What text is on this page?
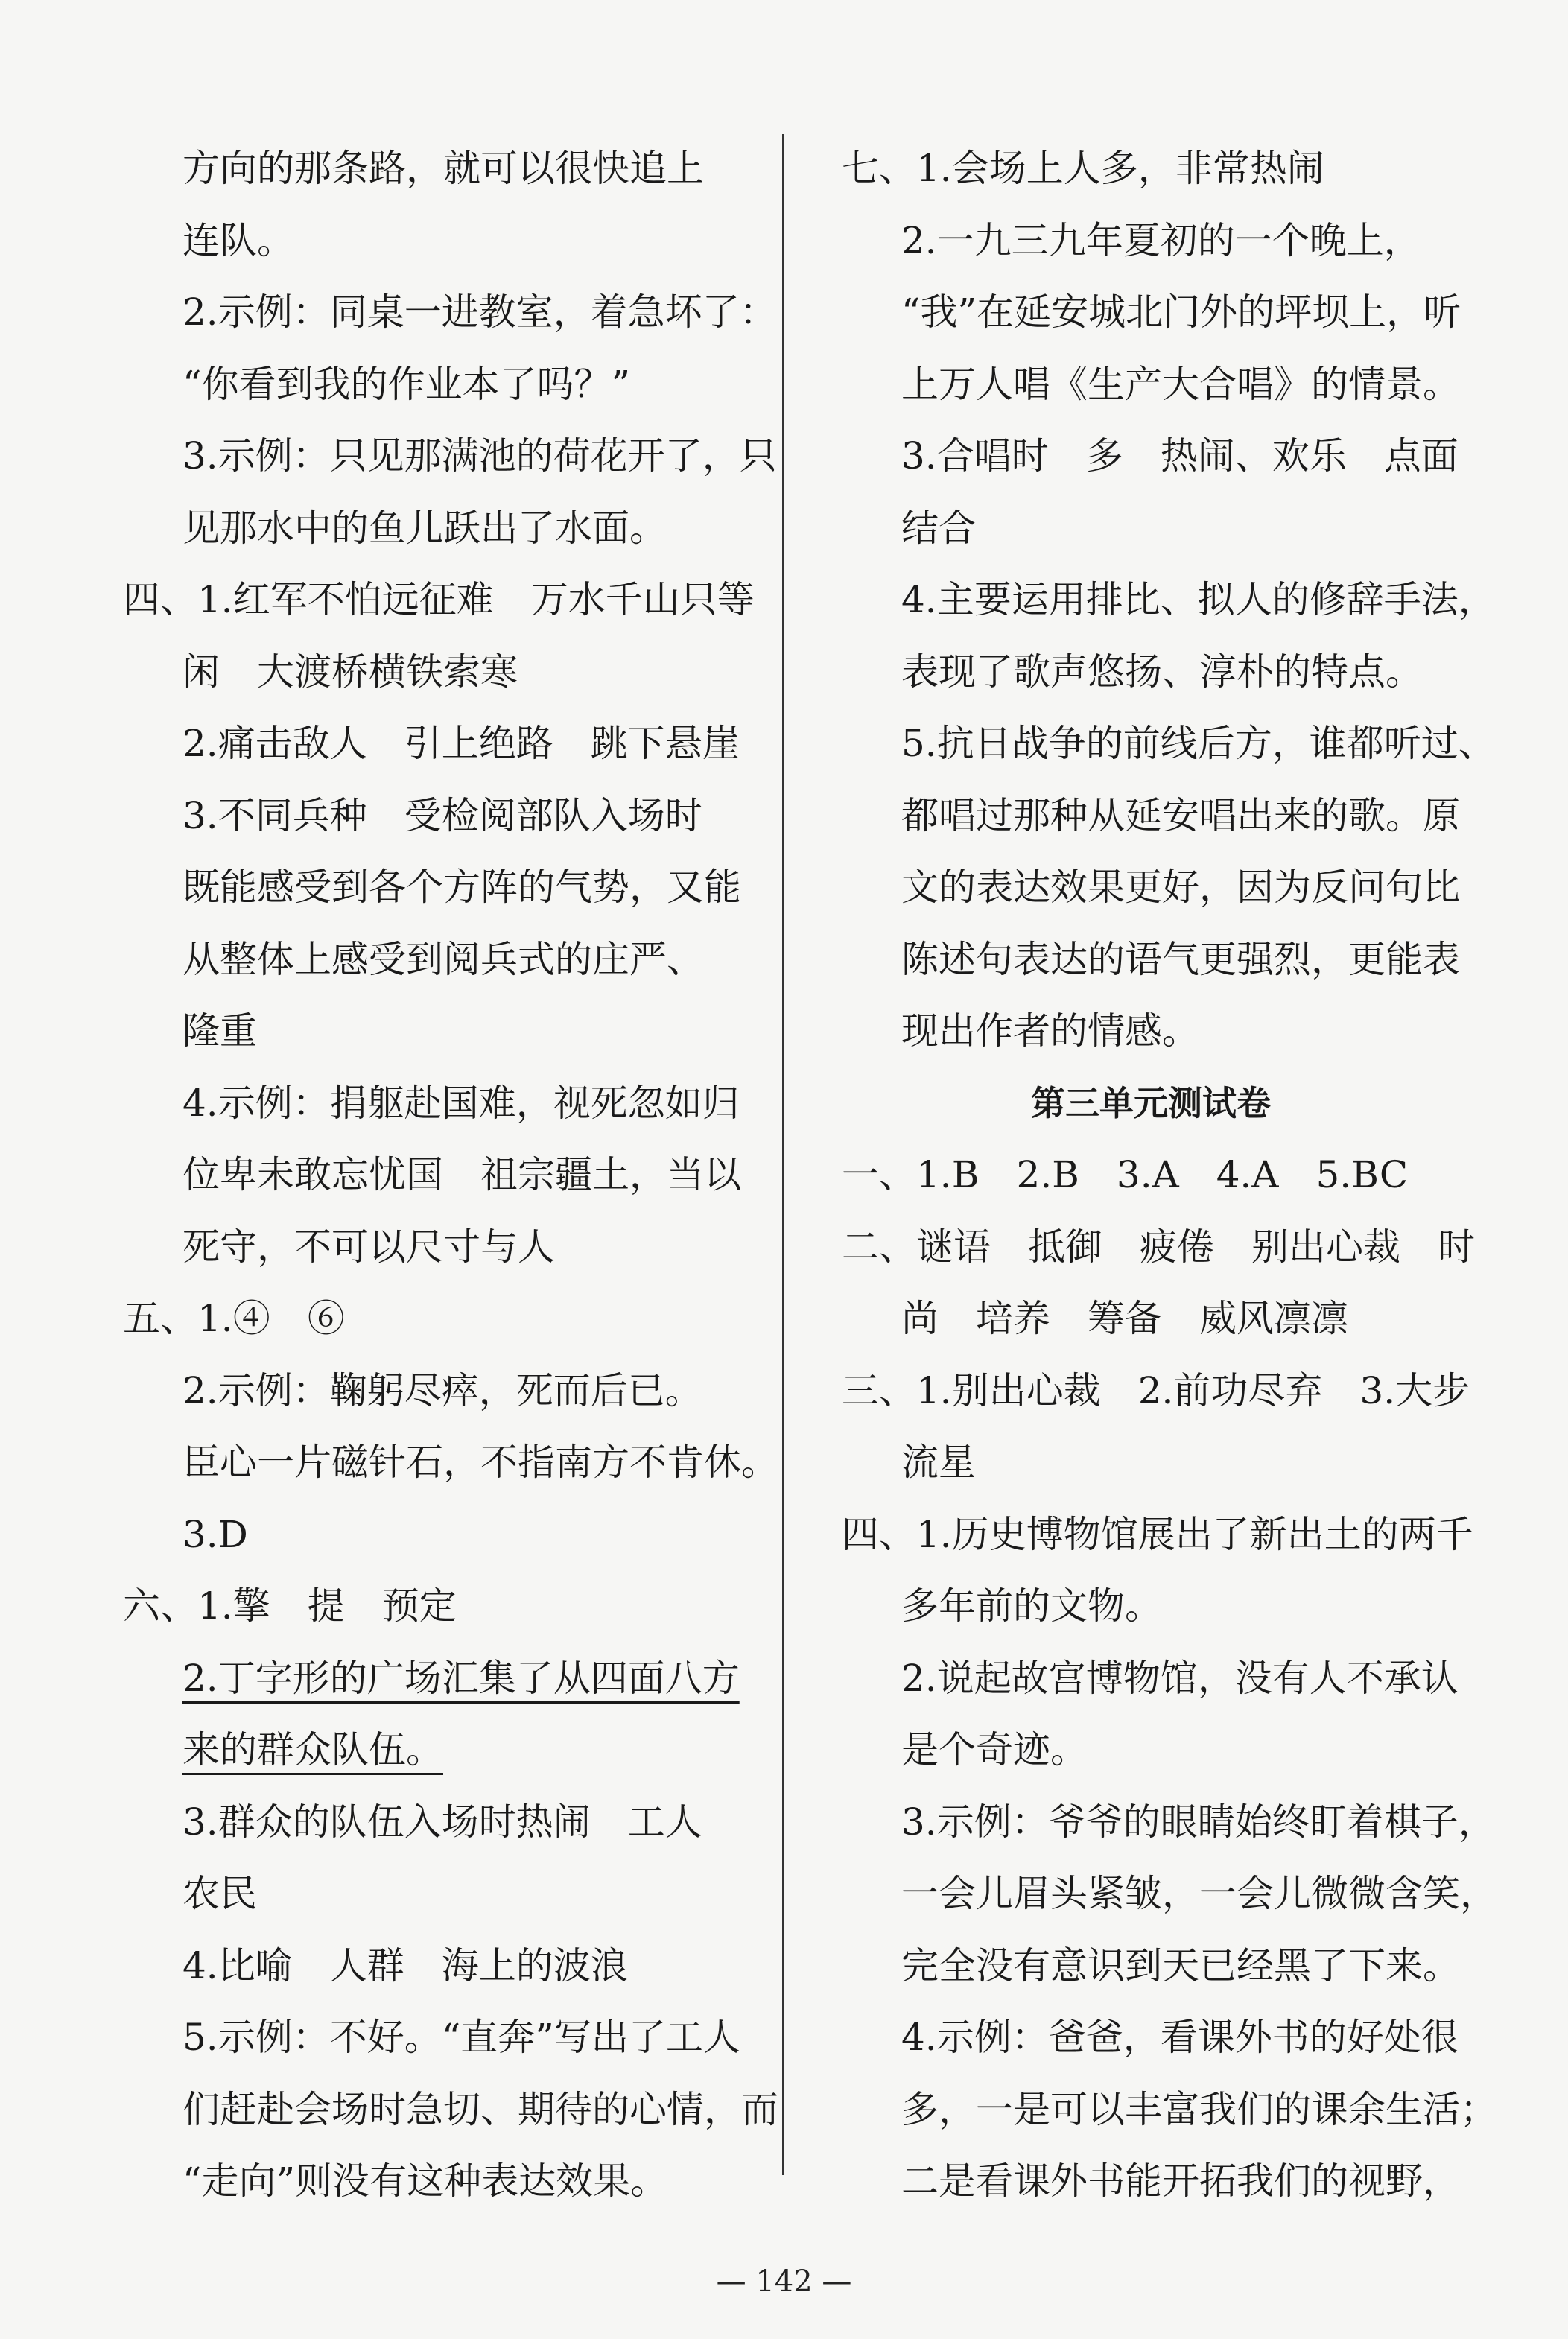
方向的那条路，就可以很快追上
连队。
2.示例：同桌一进教室，着急坏了：
“你看到我的作业本了吗？”
3.示例：只见那满池的荷花开了，只
见那水中的鱼儿跃出了水面。
四、1.红军不怕远征难　万水千山只等
闲　大渡桥横铁索寒
2.痛击敌人　引上绝路　跳下悬崖
3.不同兵种　受检阅部队入场时
既能感受到各个方阵的气势，又能
从整体上感受到阅兵式的庄严、
隆重
4.示例：捐躯赴国难，视死忽如归
位卑未敢忘忧国　祖宗疆土，当以
死守，不可以尺寸与人
五、1.④　⑥
2.示例：鞠躬尽瘁，死而后已。
臣心一片磁针石，不指南方不肯休。
3.D
六、1.擎　提　预定
2.丁字形的广场汇集了从四面八方
来的群众队伍。
3.群众的队伍入场时热闹　工人
农民
4.比喻　人群　海上的波浪
5.示例：不好。“直奔”写出了工人
们赶赴会场时急切、期待的心情，而
“走向”则没有这种表达效果。
七、1.会场上人多，非常热闹
2.一九三九年夏初的一个晚上，
“我”在延安城北门外的坪坝上，听
上万人唱《生产大合唱》的情景。
3.合唱时　多　热闹、欢乐　点面
结合
4.主要运用排比、拟人的修辞手法，
表现了歌声悠扬、淳朴的特点。
5.抗日战争的前线后方，谁都听过、
都唱过那种从延安唱出来的歌。原
文的表达效果更好，因为反问句比
陈述句表达的语气更强烈，更能表
现出作者的情感。
第三单元测试卷
一、1.B　2.B　3.A　4.A　5.BC
二、谜语　抵御　疲倦　别出心裁　时
尚　培养　筹备　威风凛凛
三、1.别出心裁　2.前功尽弃　3.大步
流星
四、1.历史博物馆展出了新出土的两千
多年前的文物。
2.说起故宫博物馆，没有人不承认
是个奇迹。
3.示例：爷爷的眼睛始终盯着棋子，
一会儿眉头紧皱，一会儿微微含笑，
完全没有意识到天已经黑了下来。
4.示例：爸爸，看课外书的好处很
多，一是可以丰富我们的课余生活；
二是看课外书能开拓我们的视野，
— 142 —
